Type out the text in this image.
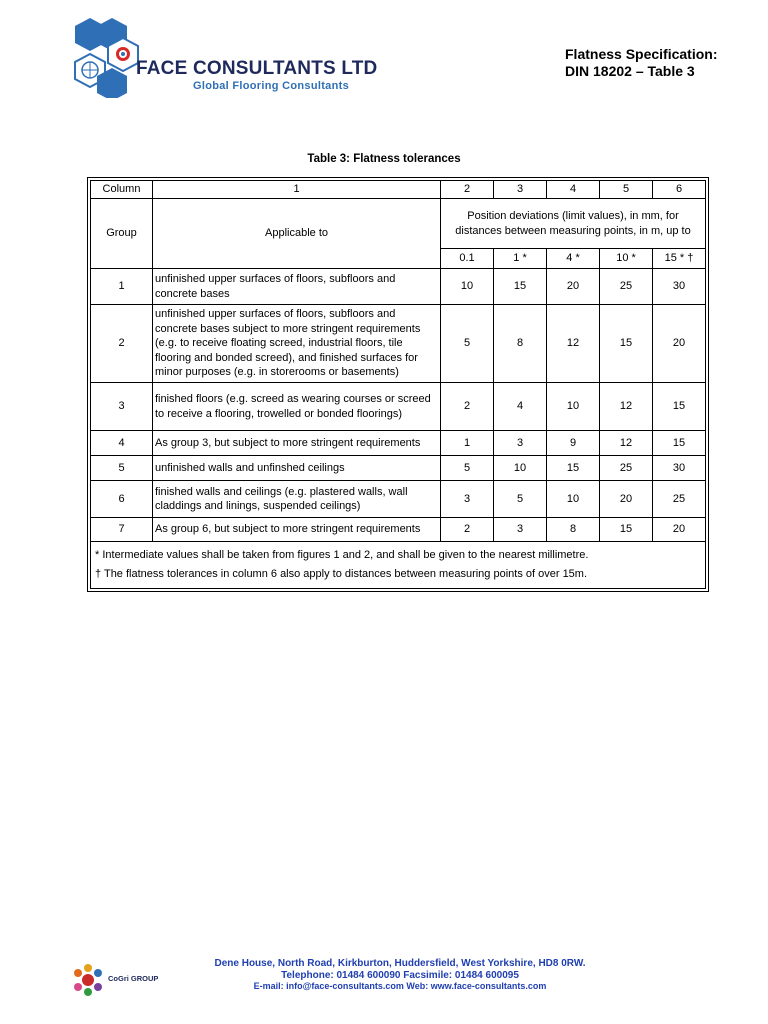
FACE CONSULTANTS LTD
Global Flooring Consultants
Flatness Specification:
DIN 18202 – Table 3
Table 3: Flatness tolerances
Column	1	2	3	4	5	6
Group	Applicable to	Position deviations (limit values), in mm, for distances between measuring points, in m, up to				
		0.1	1 *	4 *	10 *	15 * †
1	unfinished upper surfaces of floors, subfloors and concrete bases	10	15	20	25	30
2	unfinished upper surfaces of floors, subfloors and concrete bases subject to more stringent requirements (e.g. to receive floating screed, industrial floors, tile flooring and bonded screed), and finished surfaces for minor purposes (e.g. in storerooms or basements)	5	8	12	15	20
3	finished floors (e.g. screed as wearing courses or screed to receive a flooring, trowelled or bonded floorings)	2	4	10	12	15
4	As group 3, but subject to more stringent requirements	1	3	9	12	15
5	unfinished walls and unfinshed ceilings	5	10	15	25	30
6	finished walls and ceilings (e.g. plastered walls, wall claddings and linings, suspended ceilings)	3	5	10	20	25
7	As group 6, but subject to more stringent requirements	2	3	8	15	20

* Intermediate values shall be taken from figures 1 and 2, and shall be given to the nearest millimetre.
† The flatness tolerances in column 6 also apply to distances between measuring points of over 15m.						
CoGri GROUP
Dene House, North Road, Kirkburton, Huddersfield, West Yorkshire, HD8 0RW.
Telephone: 01484 600090 Facsimile: 01484 600095
E-mail: info@face-consultants.com Web: www.face-consultants.com
